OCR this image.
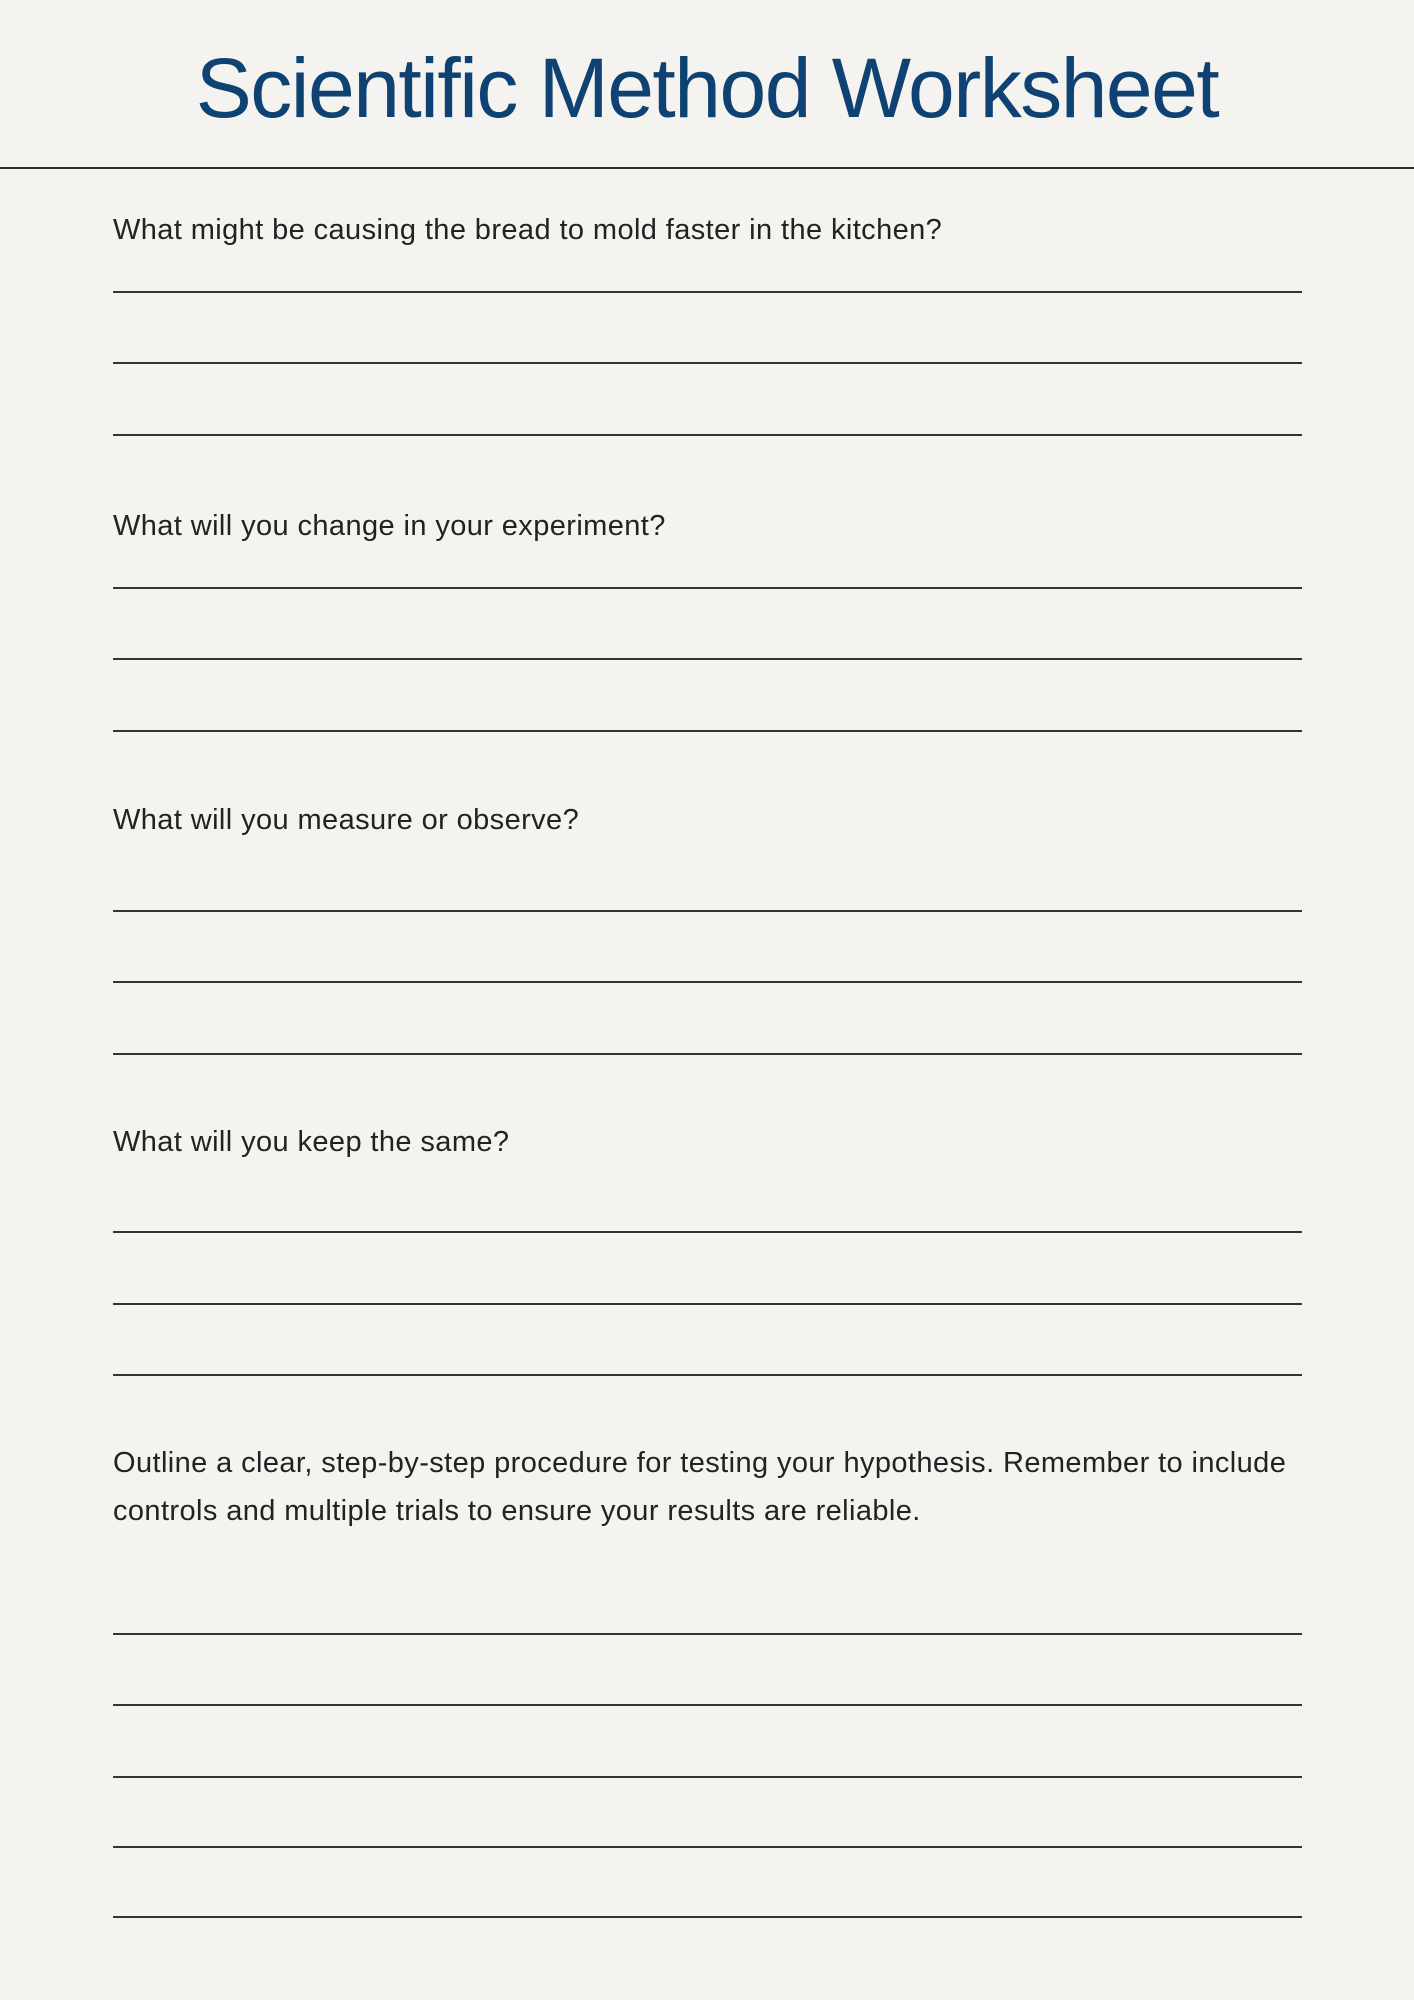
Scientific Method Worksheet

What might be causing the bread to mold faster in the kitchen?

What will you change in your experiment?

What will you measure or observe?

What will you keep the same?

Outline a clear, step-by-step procedure for testing your hypothesis. Remember to include controls and multiple trials to ensure your results are reliable.
